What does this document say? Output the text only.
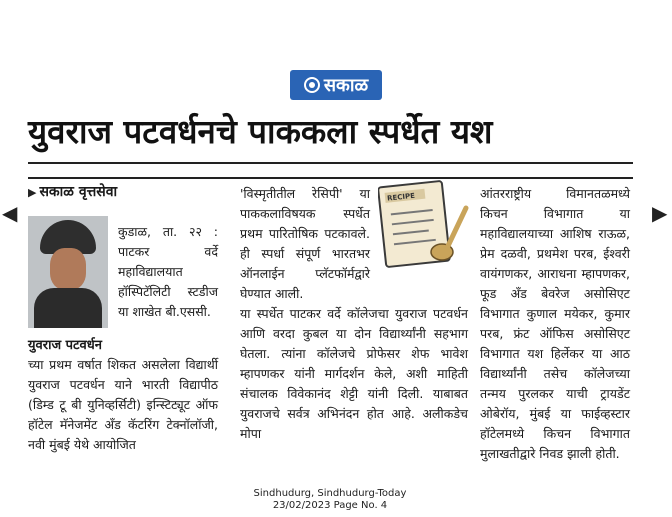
सकाळ
युवराज पटवर्धनचे पाककला स्पर्धेत यश
◀	▶
▶ सकाळ वृत्तसेवा
युवराज पटवर्धन
कुडाळ, ता. २२ : पाटकर वर्दे महाविद्यालयात हॉस्पिटॅलिटी स्टडीज या शाखेत बी.एससी.
च्या प्रथम वर्षात शिकत असलेला विद्यार्थी युवराज पटवर्धन याने भारती विद्यापीठ (डिम्ड टू बी युनिव्हर्सिटी) इन्स्टिट्यूट ऑफ हॉटेल मॅनेजमेंट अँड कॅटरिंग टेक्नॉलॉजी, नवी मुंबई येथे आयोजित
'विस्मृतीतील रेसिपी' या पाककलाविषयक स्पर्धेत प्रथम पारितोषिक पटकावले. ही स्पर्धा संपूर्ण भारतभर ऑनलाईन प्लॅटफॉर्मद्वारे घेण्यात आली.
या स्पर्धेत पाटकर वर्दे कॉलेजचा युवराज पटवर्धन आणि वरदा कुबल या दोन विद्यार्थ्यांनी सहभाग घेतला. त्यांना कॉलेजचे प्रोफेसर शेफ भावेश म्हापणकर यांनी मार्गदर्शन केले, अशी माहिती संचालक विवेकानंद शेट्टी यांनी दिली. याबाबत युवराजचे सर्वत्र अभिनंदन होत आहे. अलीकडेच मोपा
आंतरराष्ट्रीय विमानतळमध्ये किचन विभागात या महाविद्यालयाच्या आशिष राऊळ, प्रेम दळवी, प्रथमेश परब, ईश्वरी वायंगणकर, आराधना म्हापणकर, फूड अँड बेवरेज असोसिएट विभागात कुणाल मयेकर, कुमार परब, फ्रंट ऑफिस असोसिएट विभागात यश हिर्लेकर या आठ विद्यार्थ्यांनी तसेच कॉलेजच्या तन्मय पुरलकर याची ट्रायडेंट ओबेरॉय, मुंबई या फाईव्हस्टार हॉटेलमध्ये किचन विभागात मुलाखतीद्वारे निवड झाली होती.
RECIPE
Sindhudurg, Sindhudurg-Today
23/02/2023 Page No. 4
